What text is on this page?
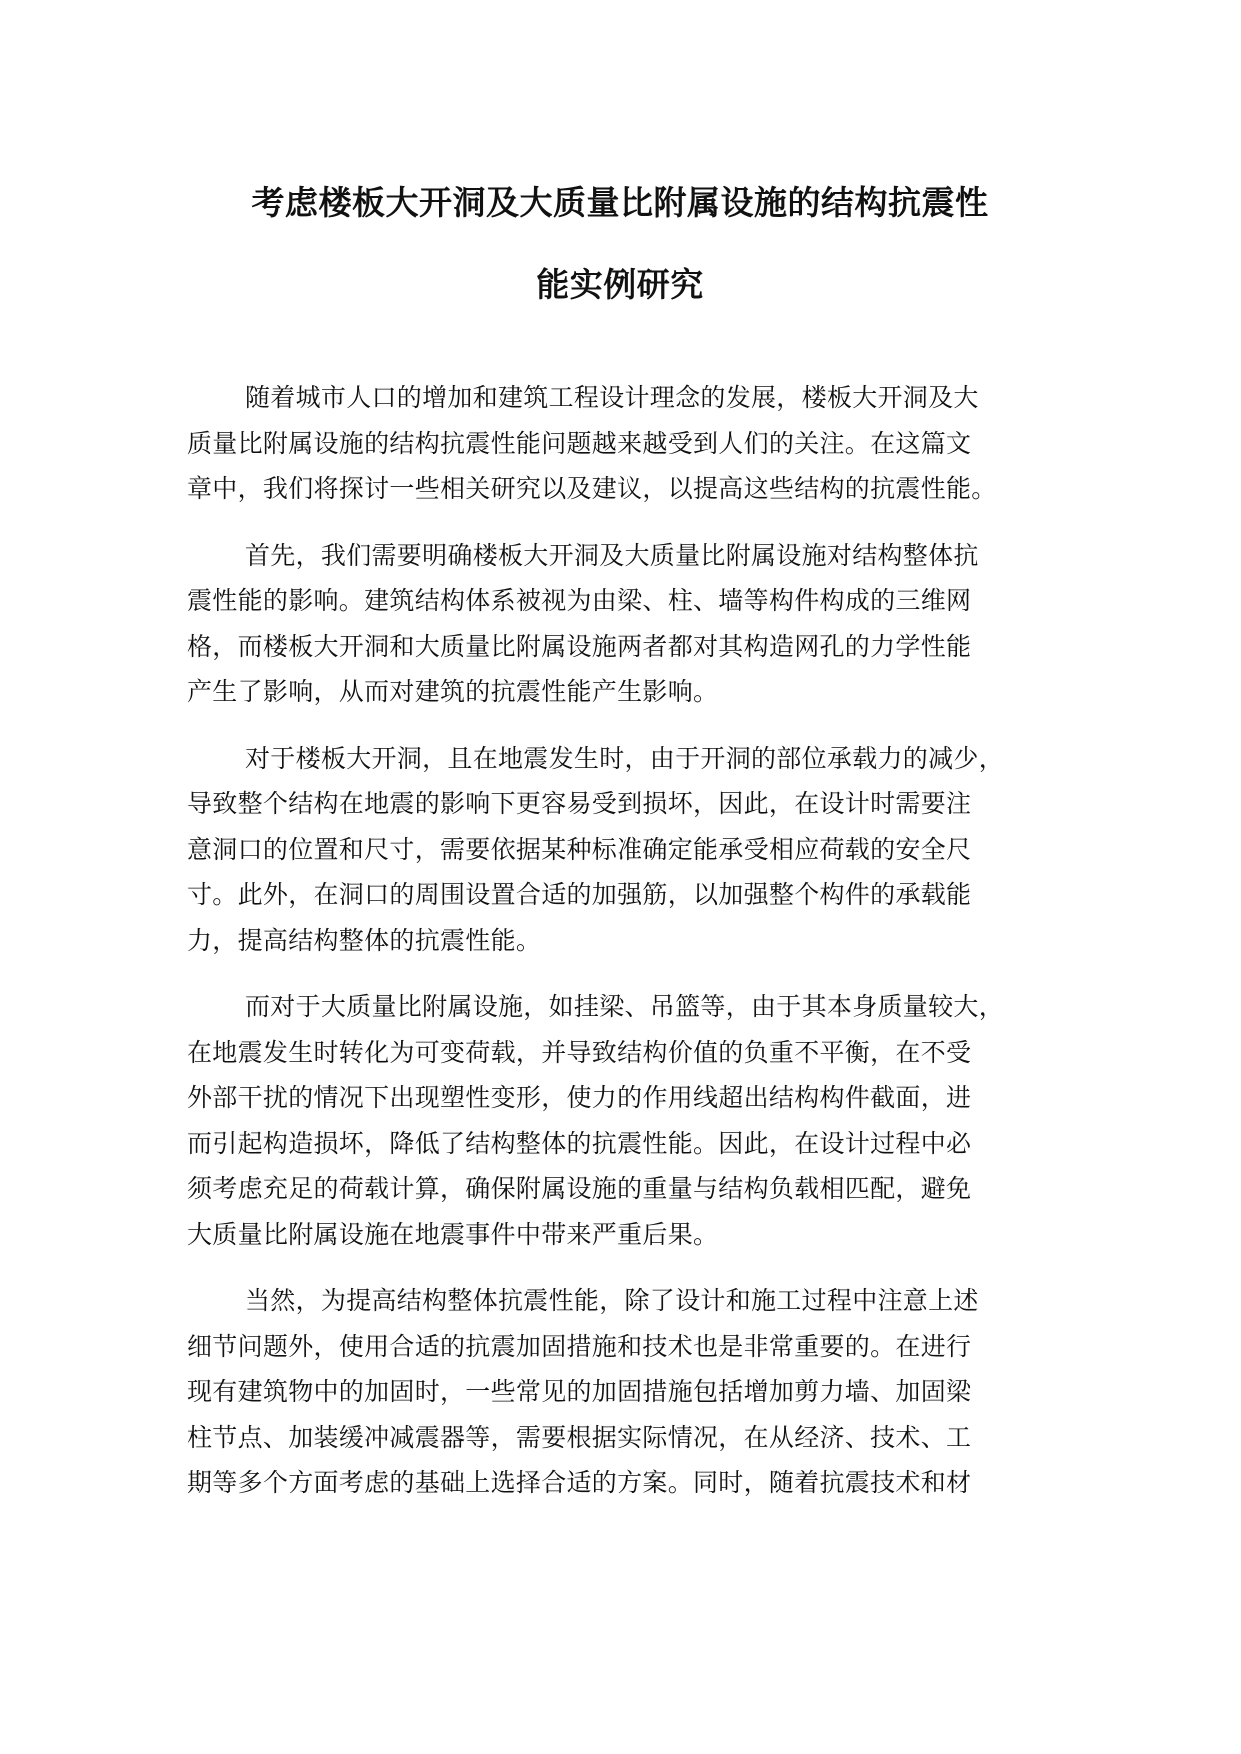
考虑楼板大开洞及大质量比附属设施的结构抗震性
能实例研究
随着城市人口的增加和建筑工程设计理念的发展，楼板大开洞及大
质量比附属设施的结构抗震性能问题越来越受到人们的关注。在这篇文
章中，我们将探讨一些相关研究以及建议，以提高这些结构的抗震性能。
首先，我们需要明确楼板大开洞及大质量比附属设施对结构整体抗
震性能的影响。建筑结构体系被视为由梁、柱、墙等构件构成的三维网
格，而楼板大开洞和大质量比附属设施两者都对其构造网孔的力学性能
产生了影响，从而对建筑的抗震性能产生影响。
对于楼板大开洞，且在地震发生时，由于开洞的部位承载力的减少，
导致整个结构在地震的影响下更容易受到损坏，因此，在设计时需要注
意洞口的位置和尺寸，需要依据某种标准确定能承受相应荷载的安全尺
寸。此外，在洞口的周围设置合适的加强筋，以加强整个构件的承载能
力，提高结构整体的抗震性能。
而对于大质量比附属设施，如挂梁、吊篮等，由于其本身质量较大，
在地震发生时转化为可变荷载，并导致结构价值的负重不平衡，在不受
外部干扰的情况下出现塑性变形，使力的作用线超出结构构件截面，进
而引起构造损坏，降低了结构整体的抗震性能。因此，在设计过程中必
须考虑充足的荷载计算，确保附属设施的重量与结构负载相匹配，避免
大质量比附属设施在地震事件中带来严重后果。
当然，为提高结构整体抗震性能，除了设计和施工过程中注意上述
细节问题外，使用合适的抗震加固措施和技术也是非常重要的。在进行
现有建筑物中的加固时，一些常见的加固措施包括增加剪力墙、加固梁
柱节点、加装缓冲减震器等，需要根据实际情况，在从经济、技术、工
期等多个方面考虑的基础上选择合适的方案。同时，随着抗震技术和材
